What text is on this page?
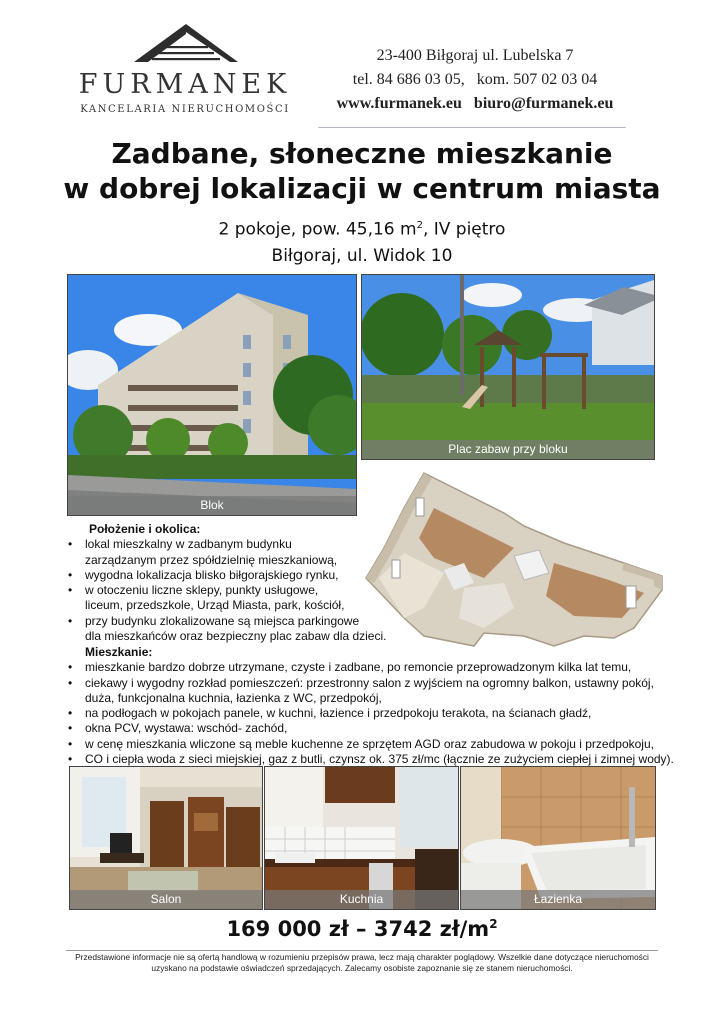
FURMANEK
KANCELARIA NIERUCHOMOŚCI
23-400 Biłgoraj ul. Lubelska 7
tel. 84 686 03 05,   kom. 507 02 03 04
www.furmanek.eu   biuro@furmanek.eu
Zadbane, słoneczne mieszkanie
w dobrej lokalizacji w centrum miasta
2 pokoje, pow. 45,16 $m^2$, IV piętro
Biłgoraj, ul. Widok 10
Blok
Plac zabaw przy bloku
Położenie i okolica:
• lokal mieszkalny w zadbanym budynku
zarządzanym przez spółdzielnię mieszkaniową,
• wygodna lokalizacja blisko biłgorajskiego rynku,
• w otoczeniu liczne sklepy, punkty usługowe,
liceum, przedszkole, Urząd Miasta, park, kościół,
• przy budynku zlokalizowane są miejsca parkingowe
dla mieszkańców oraz bezpieczny plac zabaw dla dzieci.
Mieszkanie:
• mieszkanie bardzo dobrze utrzymane, czyste i zadbane, po remoncie przeprowadzonym kilka lat temu,
• ciekawy i wygodny rozkład pomieszczeń: przestronny salon z wyjściem na ogromny balkon, ustawny pokój,
duża, funkcjonalna kuchnia, łazienka z WC, przedpokój,
• na podłogach w pokojach panele, w kuchni, łazience i przedpokoju terakota, na ścianach gładź,
• okna PCV, wystawa: wschód- zachód,
• w cenę mieszkania wliczone są meble kuchenne ze sprzętem AGD oraz zabudowa w pokoju i przedpokoju,
• CO i ciepła woda z sieci miejskiej, gaz z butli, czynsz ok. 375 zł/mc (łącznie ze zużyciem ciepłej i zimnej wody).
Salon	Kuchnia	Łazienka
169 000 zł – 3742 $zł/m^2$
Przedstawione informacje nie są ofertą handlową w rozumieniu przepisów prawa, lecz mają charakter poglądowy. Wszelkie dane dotyczące nieruchomości
uzyskano na podstawie oświadczeń sprzedających. Zalecamy osobiste zapoznanie się ze stanem nieruchomości.
